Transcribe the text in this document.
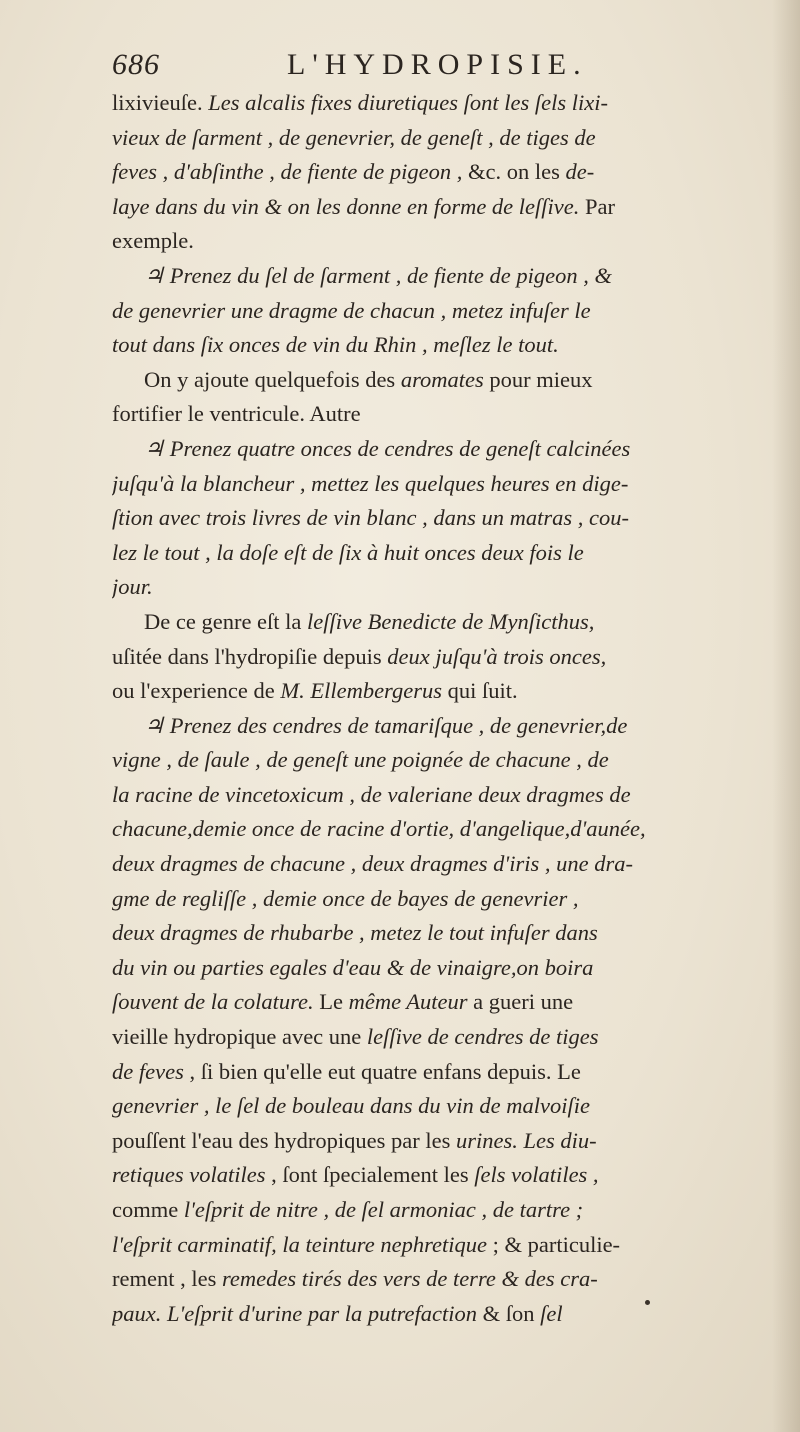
686	L'HYDROPISIE.
lixivieuſe. Les alcalis fixes diuretiques ſont les ſels lixi-
vieux de ſarment , de genevrier, de geneſt , de tiges de
feves , d'abſinthe , de fiente de pigeon , &c. on les de-
laye dans du vin & on les donne en forme de leſſive. Par
exemple.
♃ Prenez du ſel de ſarment , de fiente de pigeon , &
de genevrier une dragme de chacun , metez infuſer le
tout dans ſix onces de vin du Rhin , meſlez le tout.
On y ajoute quelquefois des aromates pour mieux
fortifier le ventricule. Autre
♃ Prenez quatre onces de cendres de geneſt calcinées
juſqu'à la blancheur , mettez les quelques heures en dige-
ſtion avec trois livres de vin blanc , dans un matras , cou-
lez le tout , la doſe eſt de ſix à huit onces deux fois le
jour.
De ce genre eſt la leſſive Benedicte de Mynſicthus,
uſitée dans l'hydropiſie depuis deux juſqu'à trois onces,
ou l'experience de M. Ellembergerus qui ſuit.
♃ Prenez des cendres de tamariſque , de genevrier,de
vigne , de ſaule , de geneſt une poignée de chacune , de
la racine de vincetoxicum , de valeriane deux dragmes de
chacune,demie once de racine d'ortie, d'angelique,d'aunée,
deux dragmes de chacune , deux dragmes d'iris , une dra-
gme de regliſſe , demie once de bayes de genevrier ,
deux dragmes de rhubarbe , metez le tout infuſer dans
du vin ou parties egales d'eau & de vinaigre,on boira
ſouvent de la colature. Le même Auteur a gueri une
vieille hydropique avec une leſſive de cendres de tiges
de feves , ſi bien qu'elle eut quatre enfans depuis. Le
genevrier , le ſel de bouleau dans du vin de malvoiſie
pouſſent l'eau des hydropiques par les urines. Les diu-
retiques volatiles , ſont ſpecialement les ſels volatiles ,
comme l'eſprit de nitre , de ſel armoniac , de tartre ;
l'eſprit carminatif, la teinture nephretique ; & particulie-
rement , les remedes tirés des vers de terre & des cra-
paux. L'eſprit d'urine par la putrefaction & ſon ſel
